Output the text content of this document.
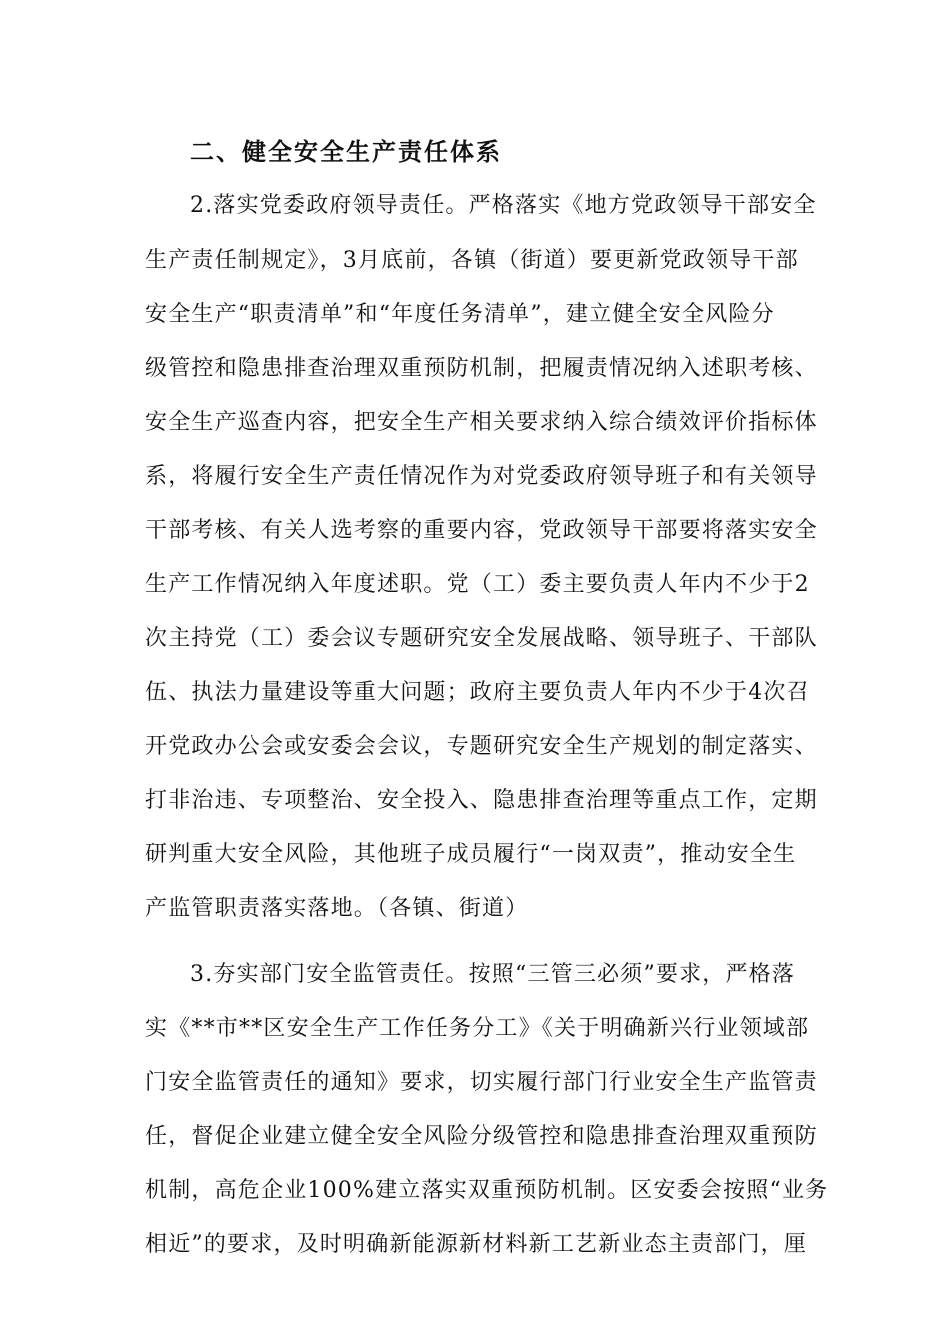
二、健全安全生产责任体系
2.落实党委政府领导责任。严格落实《地方党政领导干部安全
生产责任制规定》，3月底前，各镇（街道）要更新党政领导干部
安全生产“职责清单”和“年度任务清单”，建立健全安全风险分
级管控和隐患排查治理双重预防机制，把履责情况纳入述职考核、
安全生产巡查内容，把安全生产相关要求纳入综合绩效评价指标体
系，将履行安全生产责任情况作为对党委政府领导班子和有关领导
干部考核、有关人选考察的重要内容，党政领导干部要将落实安全
生产工作情况纳入年度述职。党（工）委主要负责人年内不少于2
次主持党（工）委会议专题研究安全发展战略、领导班子、干部队
伍、执法力量建设等重大问题；政府主要负责人年内不少于4次召
开党政办公会或安委会会议，专题研究安全生产规划的制定落实、
打非治违、专项整治、安全投入、隐患排查治理等重点工作，定期
研判重大安全风险，其他班子成员履行“一岗双责”，推动安全生
产监管职责落实落地。（各镇、街道）
3.夯实部门安全监管责任。按照“三管三必须”要求，严格落
实《**市**区安全生产工作任务分工》《关于明确新兴行业领域部
门安全监管责任的通知》要求，切实履行部门行业安全生产监管责
任，督促企业建立健全安全风险分级管控和隐患排查治理双重预防
机制，高危企业100%建立落实双重预防机制。区安委会按照“业务
相近”的要求，及时明确新能源新材料新工艺新业态主责部门，厘
